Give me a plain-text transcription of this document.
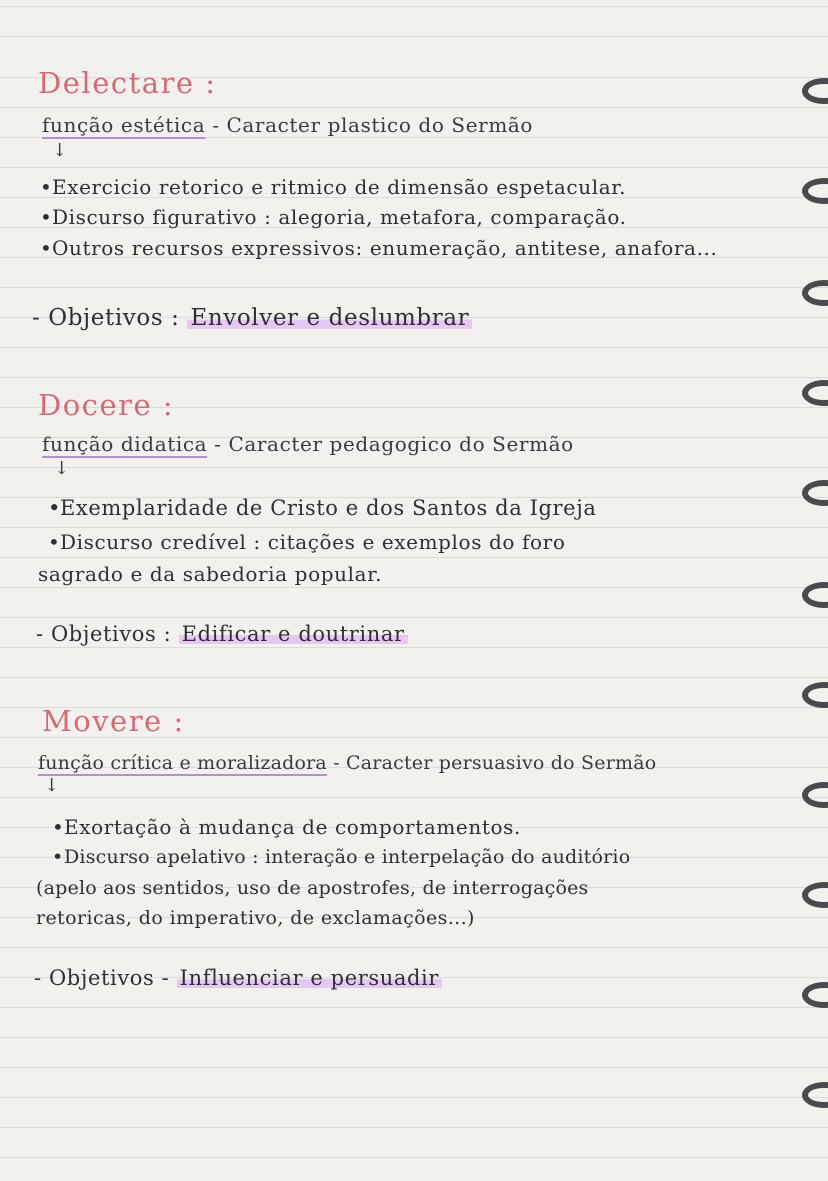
Delectare :
função estética - Caracter plastico do Sermão
↓
•Exercicio retorico e ritmico de dimensão espetacular.
•Discurso figurativo : alegoria, metafora, comparação.
•Outros recursos expressivos: enumeração, antitese, anafora...
- Objetivos : Envolver e deslumbrar
Docere :
função didatica - Caracter pedagogico do Sermão
↓
•Exemplaridade de Cristo e dos Santos da Igreja
•Discurso credível : citações e exemplos do foro
sagrado e da sabedoria popular.
- Objetivos : Edificar e doutrinar
Movere :
função crítica e moralizadora - Caracter persuasivo do Sermão
↓
•Exortação à mudança de comportamentos.
•Discurso apelativo : interação e interpelação do auditório
(apelo aos sentidos, uso de apostrofes, de interrogações
retoricas, do imperativo, de exclamações...)
- Objetivos - Influenciar e persuadir
